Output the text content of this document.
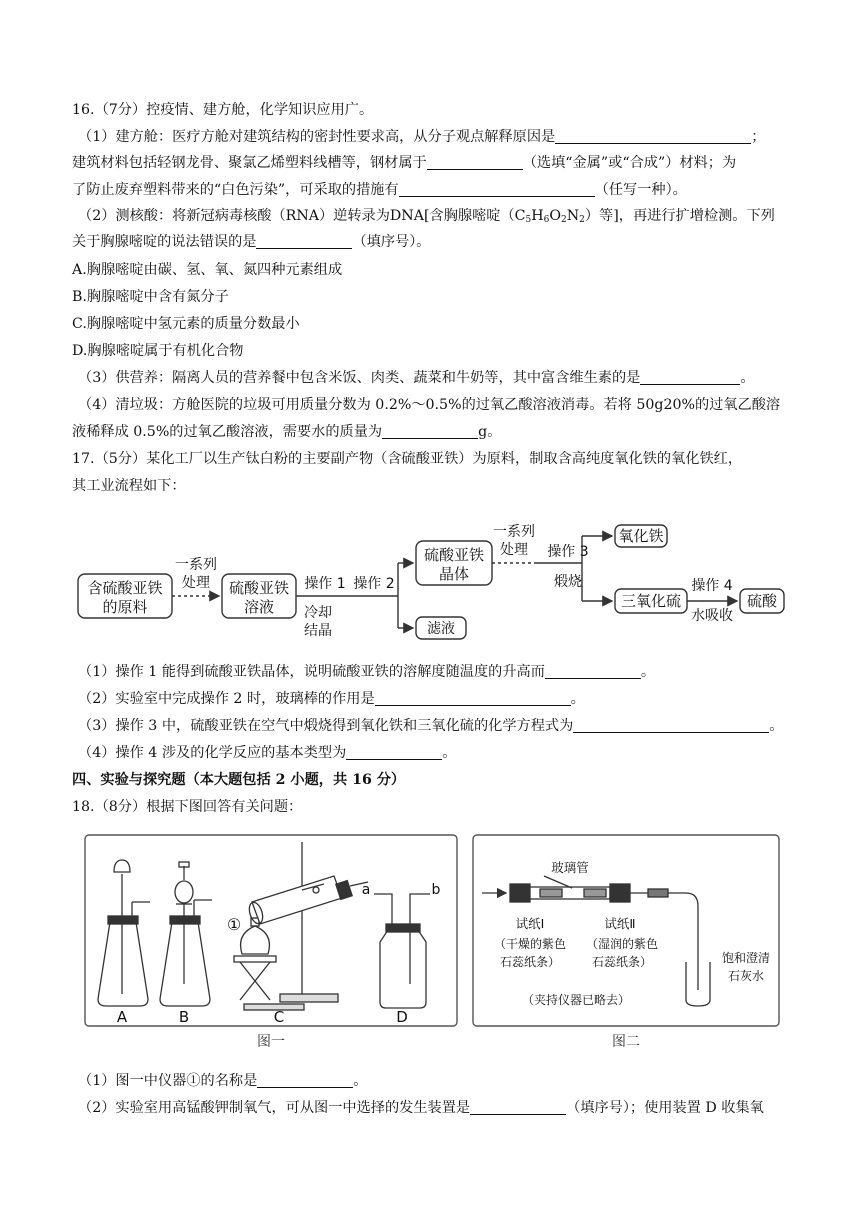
16.（7分）控疫情、建方舱，化学知识应用广。
（1）建方舱：医疗方舱对建筑结构的密封性要求高，从分子观点解释原因是	；
建筑材料包括轻钢龙骨、聚氯乙烯塑料线槽等，钢材属于	（选填“金属”或“合成”）材料；为
了防止废弃塑料带来的“白色污染”，可采取的措施有	（任写一种）。
（2）测核酸：将新冠病毒核酸（RNA）逆转录为DNA[含胸腺嘧啶$(C_5H_6O_2N_2)$等]，再进行扩增检测。下列
关于胸腺嘧啶的说法错误的是	（填序号）。
A.胸腺嘧啶由碳、氢、氧、氮四种元素组成
B.胸腺嘧啶中含有氮分子
C.胸腺嘧啶中氢元素的质量分数最小
D.胸腺嘧啶属于有机化合物
（3）供营养：隔离人员的营养餐中包含米饭、肉类、蔬菜和牛奶等，其中富含维生素的是	。
（4）清垃圾：方舱医院的垃圾可用质量分数为 0.2%～0.5%的过氧乙酸溶液消毒。若将 50g20%的过氧乙酸溶
液稀释成 0.5%的过氧乙酸溶液，需要水的质量为	g。
17.（5分）某化工厂以生产钛白粉的主要副产物（含硫酸亚铁）为原料，制取含高纯度氧化铁的氧化铁红，
其工业流程如下：
含硫酸亚铁
的原料
一系列
处理 硫酸亚铁
溶液
操作 1
冷却
结晶
操作 2
硫酸亚铁
晶体
滤液
一系列
处理 操作 3
煅烧
氧化铁
三氧化硫
操作 4
水吸收
硫酸
（1）操作 1 能得到硫酸亚铁晶体，说明硫酸亚铁的溶解度随温度的升高而	。
（2）实验室中完成操作 2 时，玻璃棒的作用是	。
（3）操作 3 中，硫酸亚铁在空气中煅烧得到氧化铁和三氧化硫的化学方程式为	。
（4）操作 4 涉及的化学反应的基本类型为	。
四、实验与探究题（本大题包括 2 小题，共 16 分）
18.（8分）根据下图回答有关问题：
A	B	C	D
①
a	b
图一
玻璃管
试纸Ⅰ
（干燥的紫色
石蕊纸条）
试纸Ⅱ
（湿润的紫色
石蕊纸条）	饱和澄清
石灰水
（夹持仪器已略去）
图二
（1）图一中仪器①的名称是	。
（2）实验室用高锰酸钾制氧气，可从图一中选择的发生装置是	（填序号）；使用装置 D 收集氧
